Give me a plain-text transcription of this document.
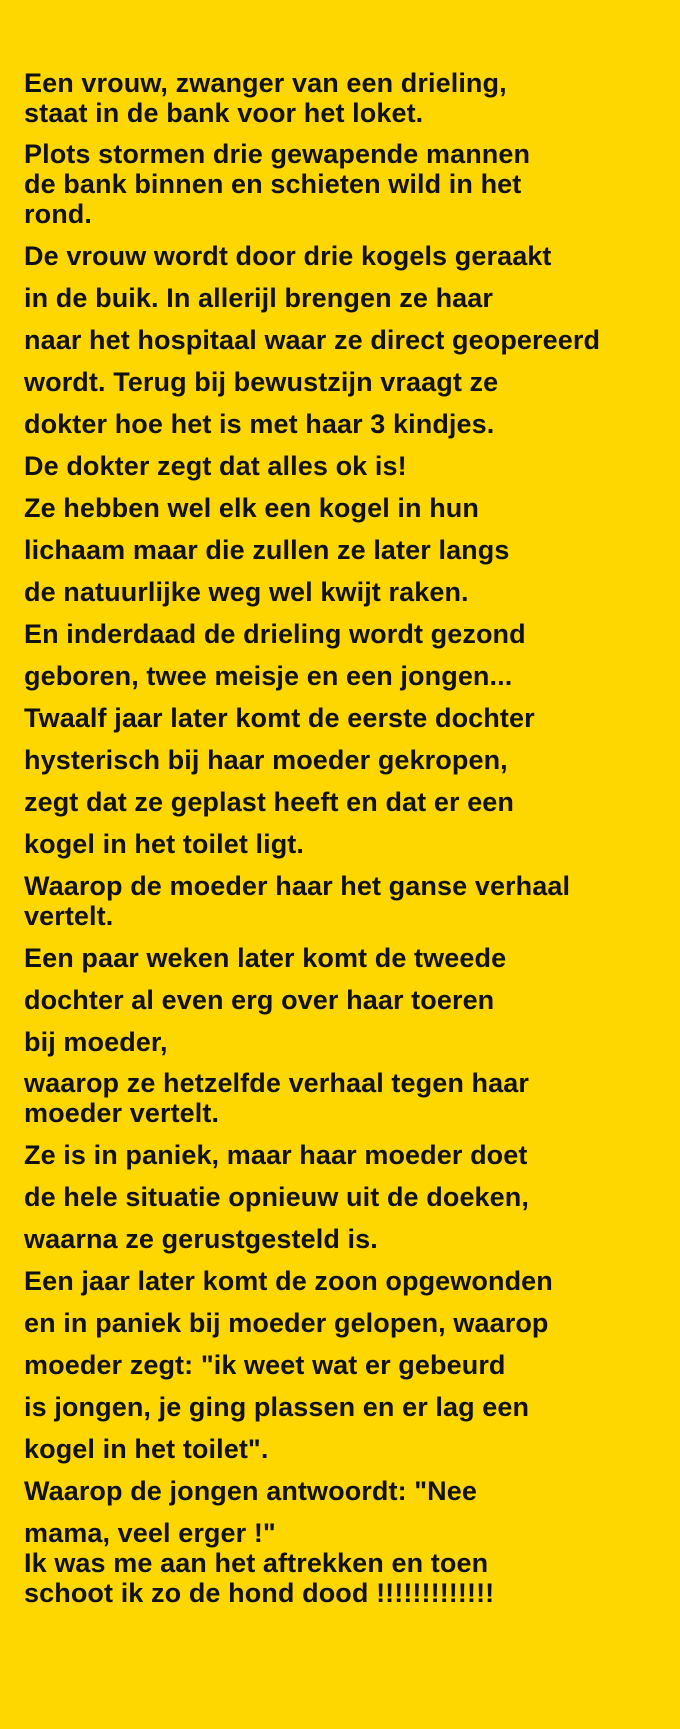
Een vrouw, zwanger van een drieling,
staat in de bank voor het loket.
Plots stormen drie gewapende mannen
de bank binnen en schieten wild in het
rond.
De vrouw wordt door drie kogels geraakt
in de buik. In allerijl brengen ze haar
naar het hospitaal waar ze direct geopereerd
wordt. Terug bij bewustzijn vraagt ze
dokter hoe het is met haar 3 kindjes.
De dokter zegt dat alles ok is!
Ze hebben wel elk een kogel in hun
lichaam maar die zullen ze later langs
de natuurlijke weg wel kwijt raken.
En inderdaad de drieling wordt gezond
geboren, twee meisje en een jongen...
Twaalf jaar later komt de eerste dochter
hysterisch bij haar moeder gekropen,
zegt dat ze geplast heeft en dat er een
kogel in het toilet ligt.
Waarop de moeder haar het ganse verhaal
vertelt.
Een paar weken later komt de tweede
dochter al even erg over haar toeren
bij moeder,
waarop ze hetzelfde verhaal tegen haar
moeder vertelt.
Ze is in paniek, maar haar moeder doet
de hele situatie opnieuw uit de doeken,
waarna ze gerustgesteld is.
Een jaar later komt de zoon opgewonden
en in paniek bij moeder gelopen, waarop
moeder zegt: "ik weet wat er gebeurd
is jongen, je ging plassen en er lag een
kogel in het toilet".
Waarop de jongen antwoordt: "Nee
mama, veel erger !"
Ik was me aan het aftrekken en toen
schoot ik zo de hond dood !!!!!!!!!!!!!
